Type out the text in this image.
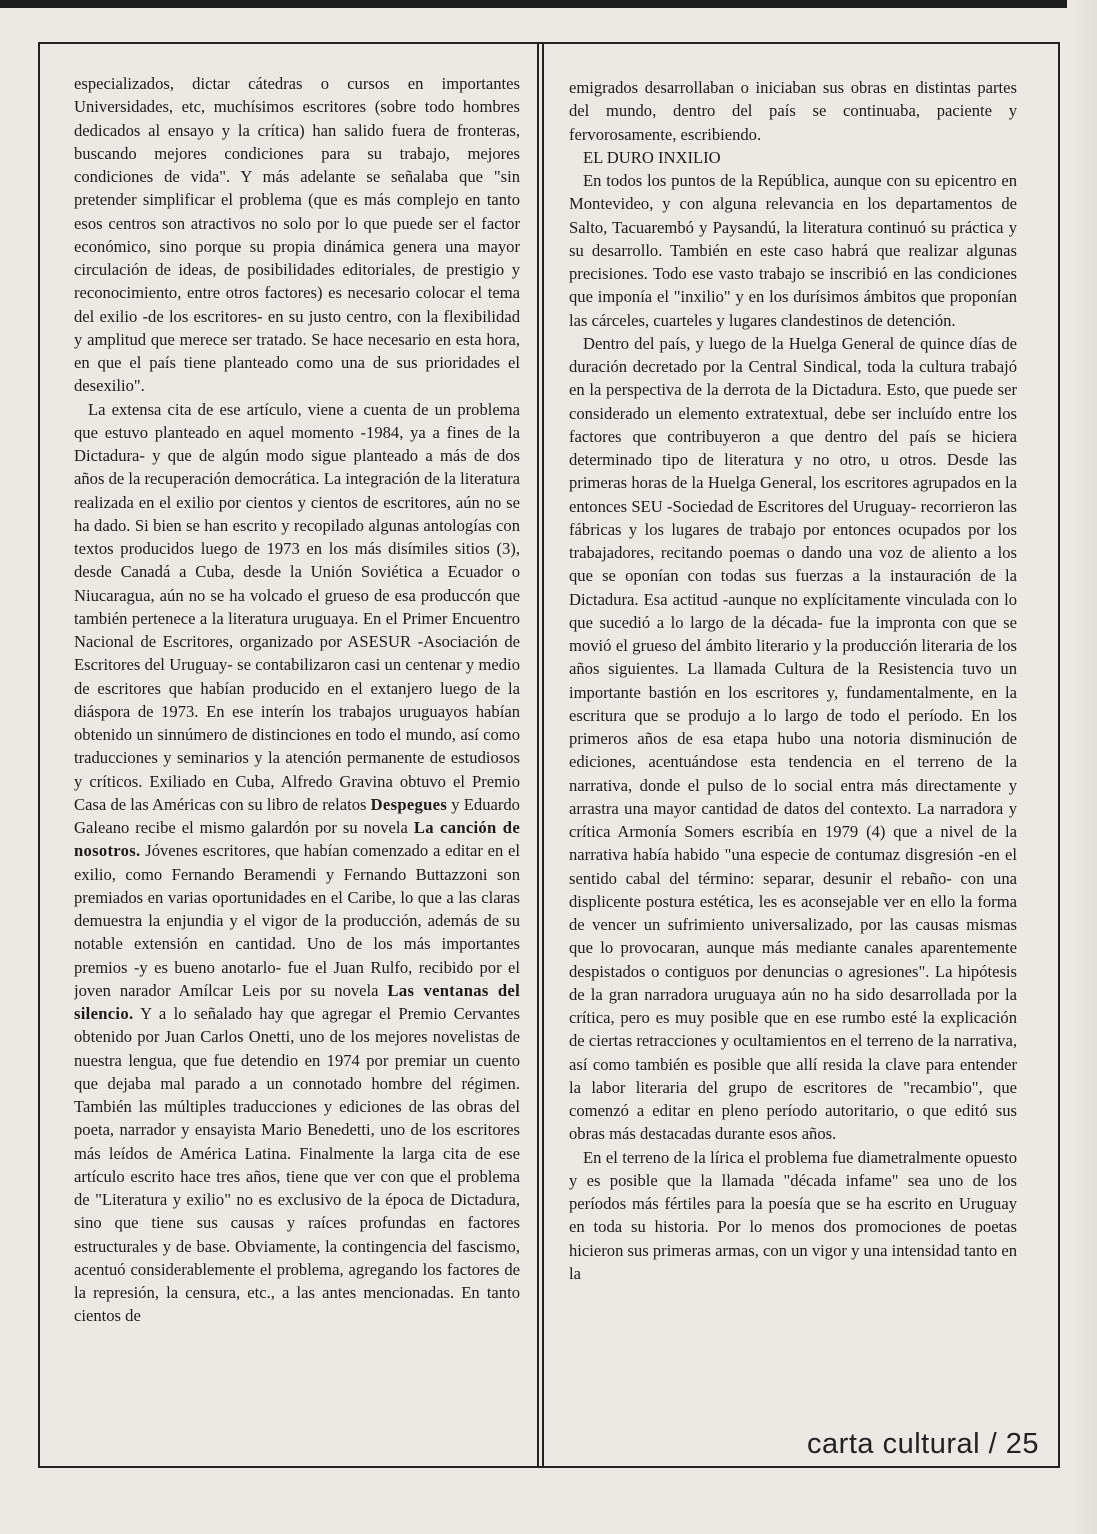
especializados, dictar cátedras o cursos en importantes Universidades, etc, muchísimos escritores (sobre todo hombres dedicados al ensayo y la crítica) han salido fuera de fronteras, buscando mejores condiciones para su trabajo, mejores condiciones de vida". Y más adelante se señalaba que "sin pretender simplificar el problema (que es más complejo en tanto esos centros son atractivos no solo por lo que puede ser el factor económico, sino porque su propia dinámica genera una mayor circulación de ideas, de posibilidades editoriales, de prestigio y reconocimiento, entre otros factores) es necesario colocar el tema del exilio -de los escritores- en su justo centro, con la flexibilidad y amplitud que merece ser tratado. Se hace necesario en esta hora, en que el país tiene planteado como una de sus prioridades el desexilio".

La extensa cita de ese artículo, viene a cuenta de un problema que estuvo planteado en aquel momento -1984, ya a fines de la Dictadura- y que de algún modo sigue planteado a más de dos años de la recuperación democrática. La integración de la literatura realizada en el exilio por cientos y cientos de escritores, aún no se ha dado. Si bien se han escrito y recopilado algunas antologías con textos producidos luego de 1973 en los más disímiles sitios (3), desde Canadá a Cuba, desde la Unión Soviética a Ecuador o Niucaragua, aún no se ha volcado el grueso de esa produccón que también pertenece a la literatura uruguaya. En el Primer Encuentro Nacional de Escritores, organizado por ASESUR -Asociación de Escritores del Uruguay- se contabilizaron casi un centenar y medio de escritores que habían producido en el extanjero luego de la diáspora de 1973. En ese interín los trabajos uruguayos habían obtenido un sinnúmero de distinciones en todo el mundo, así como traducciones y seminarios y la atención permanente de estudiosos y críticos. Exiliado en Cuba, Alfredo Gravina obtuvo el Premio Casa de las Américas con su libro de relatos Despegues y Eduardo Galeano recibe el mismo galardón por su novela La canción de nosotros. Jóvenes escritores, que habían comenzado a editar en el exilio, como Fernando Beramendi y Fernando Buttazzoni son premiados en varias oportunidades en el Caribe, lo que a las claras demuestra la enjundia y el vigor de la producción, además de su notable extensión en cantidad. Uno de los más importantes premios -y es bueno anotarlo- fue el Juan Rulfo, recibido por el joven narador Amílcar Leis por su novela Las ventanas del silencio. Y a lo señalado hay que agregar el Premio Cervantes obtenido por Juan Carlos Onetti, uno de los mejores novelistas de nuestra lengua, que fue detendio en 1974 por premiar un cuento que dejaba mal parado a un connotado hombre del régimen. También las múltiples traducciones y ediciones de las obras del poeta, narrador y ensayista Mario Benedetti, uno de los escritores más leídos de América Latina. Finalmente la larga cita de ese artículo escrito hace tres años, tiene que ver con que el problema de "Literatura y exilio" no es exclusivo de la época de Dictadura, sino que tiene sus causas y raíces profundas en factores estructurales y de base. Obviamente, la contingencia del fascismo, acentuó considerablemente el problema, agregando los factores de la represión, la censura, etc., a las antes mencionadas. En tanto cientos de

emigrados desarrollaban o iniciaban sus obras en distintas partes del mundo, dentro del país se continuaba, paciente y fervorosamente, escribiendo.

EL DURO INXILIO

En todos los puntos de la República, aunque con su epicentro en Montevideo, y con alguna relevancia en los departamentos de Salto, Tacuarembó y Paysandú, la literatura continuó su práctica y su desarrollo. También en este caso habrá que realizar algunas precisiones. Todo ese vasto trabajo se inscribió en las condiciones que imponía el "inxilio" y en los durísimos ámbitos que proponían las cárceles, cuarteles y lugares clandestinos de detención.

Dentro del país, y luego de la Huelga General de quince días de duración decretado por la Central Sindical, toda la cultura trabajó en la perspectiva de la derrota de la Dictadura. Esto, que puede ser considerado un elemento extratextual, debe ser incluído entre los factores que contribuyeron a que dentro del país se hiciera determinado tipo de literatura y no otro, u otros. Desde las primeras horas de la Huelga General, los escritores agrupados en la entonces SEU -Sociedad de Escritores del Uruguay- recorrieron las fábricas y los lugares de trabajo por entonces ocupados por los trabajadores, recitando poemas o dando una voz de aliento a los que se oponían con todas sus fuerzas a la instauración de la Dictadura. Esa actitud -aunque no explícitamente vinculada con lo que sucedió a lo largo de la década- fue la impronta con que se movió el grueso del ámbito literario y la producción literaria de los años siguientes. La llamada Cultura de la Resistencia tuvo un importante bastión en los escritores y, fundamentalmente, en la escritura que se produjo a lo largo de todo el período. En los primeros años de esa etapa hubo una notoria disminución de ediciones, acentuándose esta tendencia en el terreno de la narrativa, donde el pulso de lo social entra más directamente y arrastra una mayor cantidad de datos del contexto. La narradora y crítica Armonía Somers escribía en 1979 (4) que a nivel de la narrativa había habido "una especie de contumaz disgresión -en el sentido cabal del término: separar, desunir el rebaño- con una displicente postura estética, les es aconsejable ver en ello la forma de vencer un sufrimiento universalizado, por las causas mismas que lo provocaran, aunque más mediante canales aparentemente despistados o contiguos por denuncias o agresiones". La hipótesis de la gran narradora uruguaya aún no ha sido desarrollada por la crítica, pero es muy posible que en ese rumbo esté la explicación de ciertas retracciones y ocultamientos en el terreno de la narrativa, así como también es posible que allí resida la clave para entender la labor literaria del grupo de escritores de "recambio", que comenzó a editar en pleno período autoritario, o que editó sus obras más destacadas durante esos años.

En el terreno de la lírica el problema fue diametralmente opuesto y es posible que la llamada "década infame" sea uno de los períodos más fértiles para la poesía que se ha escrito en Uruguay en toda su historia. Por lo menos dos promociones de poetas hicieron sus primeras armas, con un vigor y una intensidad tanto en la

carta cultural / 25
